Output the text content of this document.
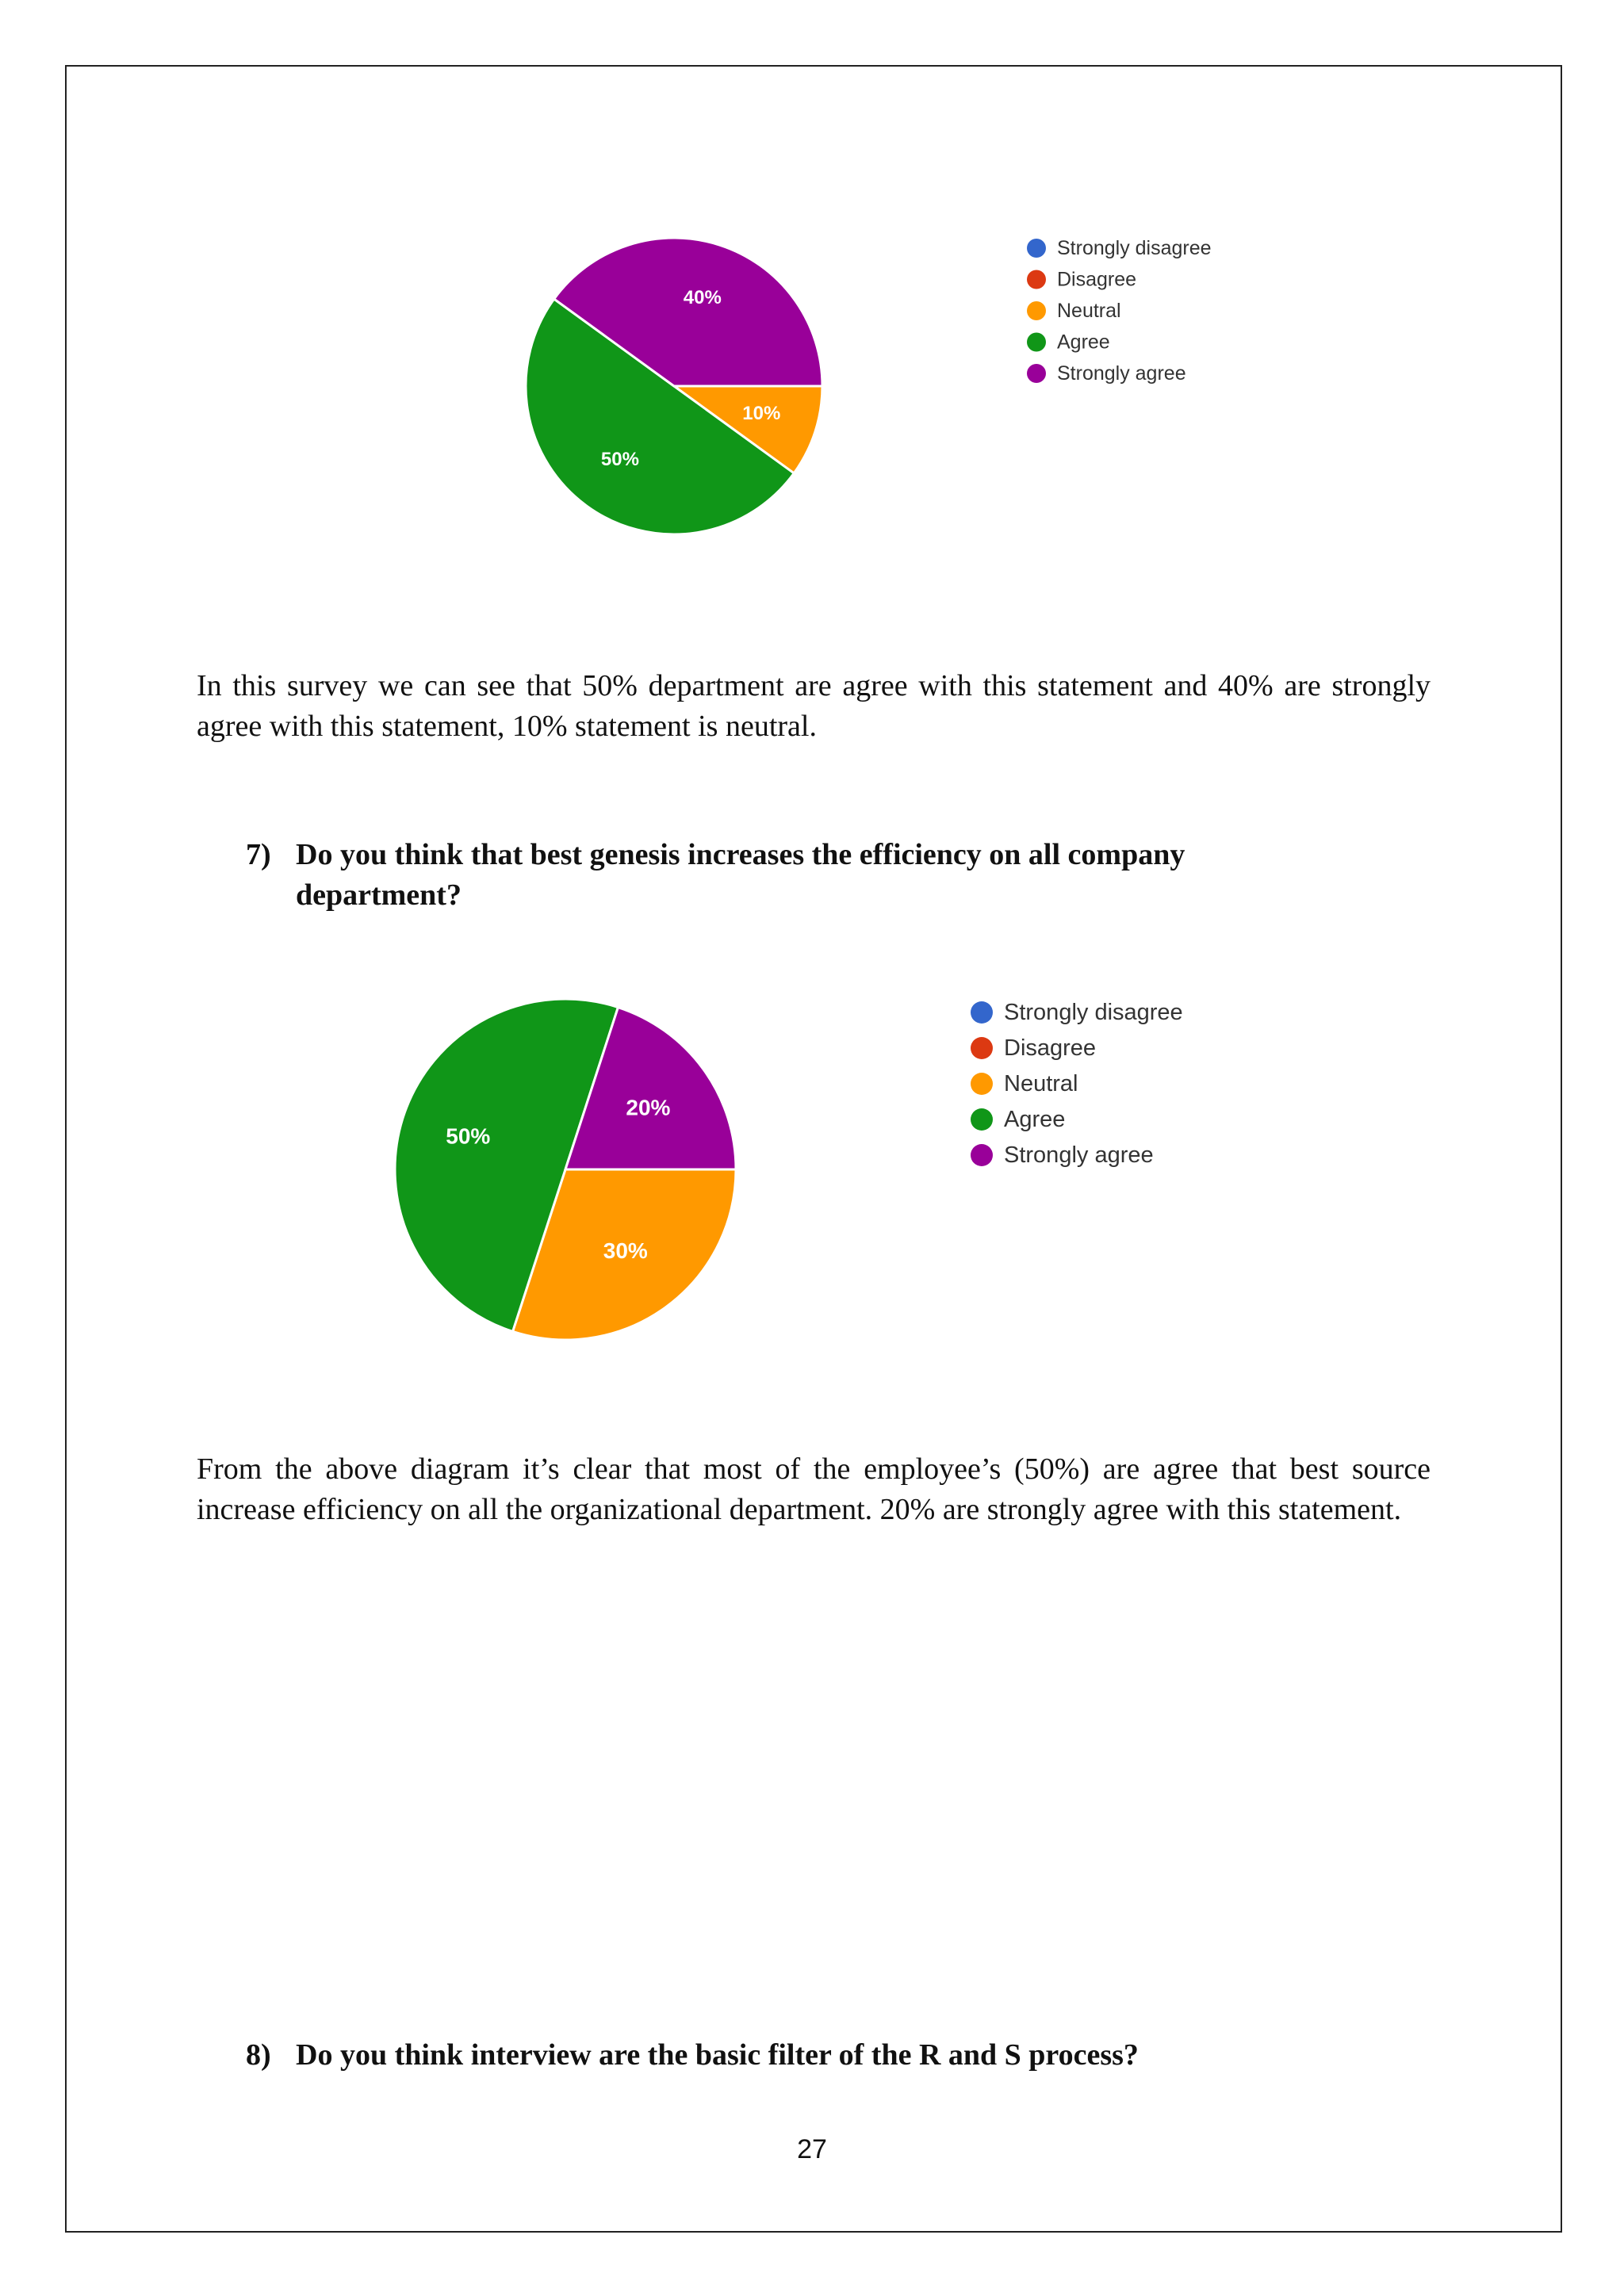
10%
50%
40%
Strongly disagree
Disagree
Neutral
Agree
Strongly agree

In this survey we can see that 50% department are agree with this statement and 40% are strongly agree with this statement, 10% statement is neutral.

7) Do you think that best genesis increases the efficiency on all company department?
30%
50%
20%
Strongly disagree
Disagree
Neutral
Agree
Strongly agree

From the above diagram it’s clear that most of the employee’s (50%) are agree that best source increase efficiency on all the organizational department. 20% are strongly agree with this statement.

8) Do you think interview are the basic filter of the R and S process?
27
